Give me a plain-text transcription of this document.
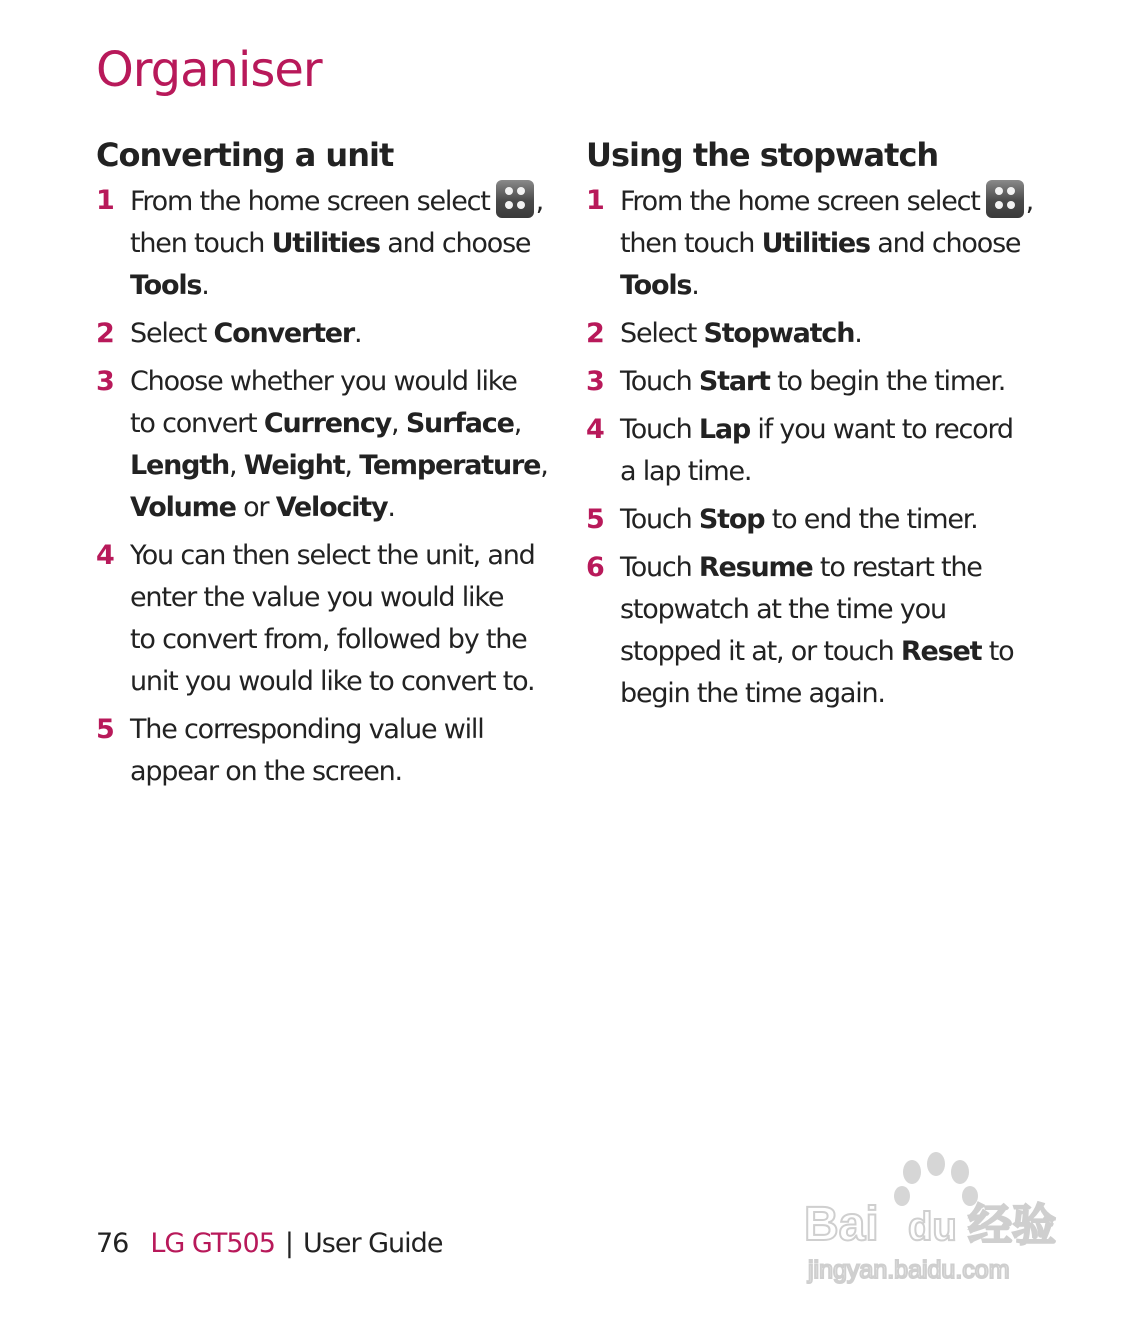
Organiser
Converting a unit
1 From the home screen select ,
then touch Utilities and choose
Tools.
2 Select Converter.
3 Choose whether you would like
to convert Currency, Surface,
Length, Weight, Temperature,
Volume or Velocity.
4 You can then select the unit, and
enter the value you would like
to convert from, followed by the
unit you would like to convert to.
5 The corresponding value will
appear on the screen.
Using the stopwatch
1 From the home screen select ,
then touch Utilities and choose
Tools.
2 Select Stopwatch.
3 Touch Start to begin the timer.
4 Touch Lap if you want to record
a lap time.
5 Touch Stop to end the timer.
6 Touch Resume to restart the
stopwatch at the time you
stopped it at, or touch Reset to
begin the time again.
76 LG GT505 | User Guide	Bai du 经验
jingyan.baidu.com
